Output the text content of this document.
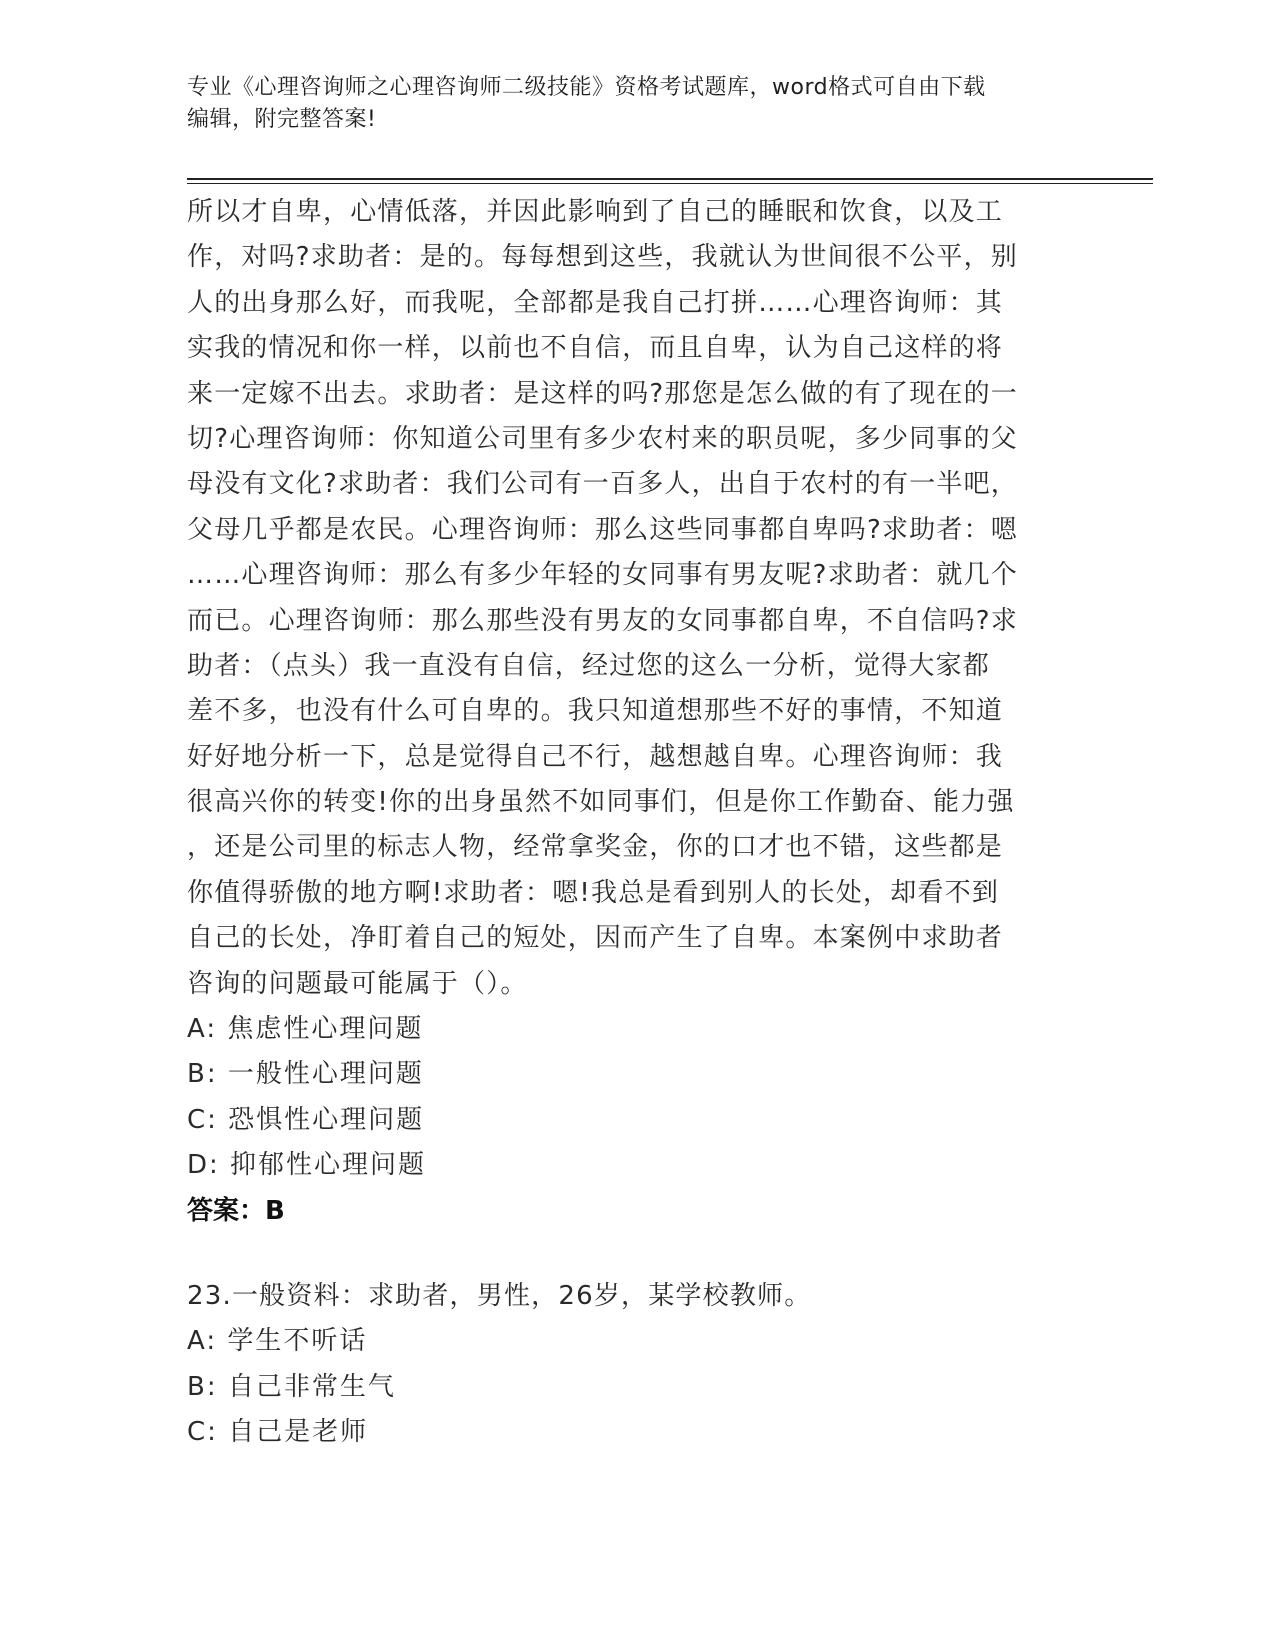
专业《心理咨询师之心理咨询师二级技能》资格考试题库，word格式可自由下载
编辑，附完整答案!
所以才自卑，心情低落，并因此影响到了自己的睡眠和饮食，以及工
作，对吗?求助者：是的。每每想到这些，我就认为世间很不公平，别
人的出身那么好，而我呢，全部都是我自己打拼……心理咨询师：其
实我的情况和你一样，以前也不自信，而且自卑，认为自己这样的将
来一定嫁不出去。求助者：是这样的吗?那您是怎么做的有了现在的一
切?心理咨询师：你知道公司里有多少农村来的职员呢，多少同事的父
母没有文化?求助者：我们公司有一百多人，出自于农村的有一半吧，
父母几乎都是农民。心理咨询师：那么这些同事都自卑吗?求助者：嗯
……心理咨询师：那么有多少年轻的女同事有男友呢?求助者：就几个
而已。心理咨询师：那么那些没有男友的女同事都自卑，不自信吗?求
助者：（点头）我一直没有自信，经过您的这么一分析，觉得大家都
差不多，也没有什么可自卑的。我只知道想那些不好的事情，不知道
好好地分析一下，总是觉得自己不行，越想越自卑。心理咨询师：我
很高兴你的转变!你的出身虽然不如同事们，但是你工作勤奋、能力强
，还是公司里的标志人物，经常拿奖金，你的口才也不错，这些都是
你值得骄傲的地方啊!求助者：嗯!我总是看到别人的长处，却看不到
自己的长处，净盯着自己的短处，因而产生了自卑。本案例中求助者
咨询的问题最可能属于（）。
A: 焦虑性心理问题
B: 一般性心理问题
C: 恐惧性心理问题
D: 抑郁性心理问题
答案：B
23.一般资料：求助者，男性，26岁，某学校教师。
A: 学生不听话
B: 自己非常生气
C: 自己是老师
